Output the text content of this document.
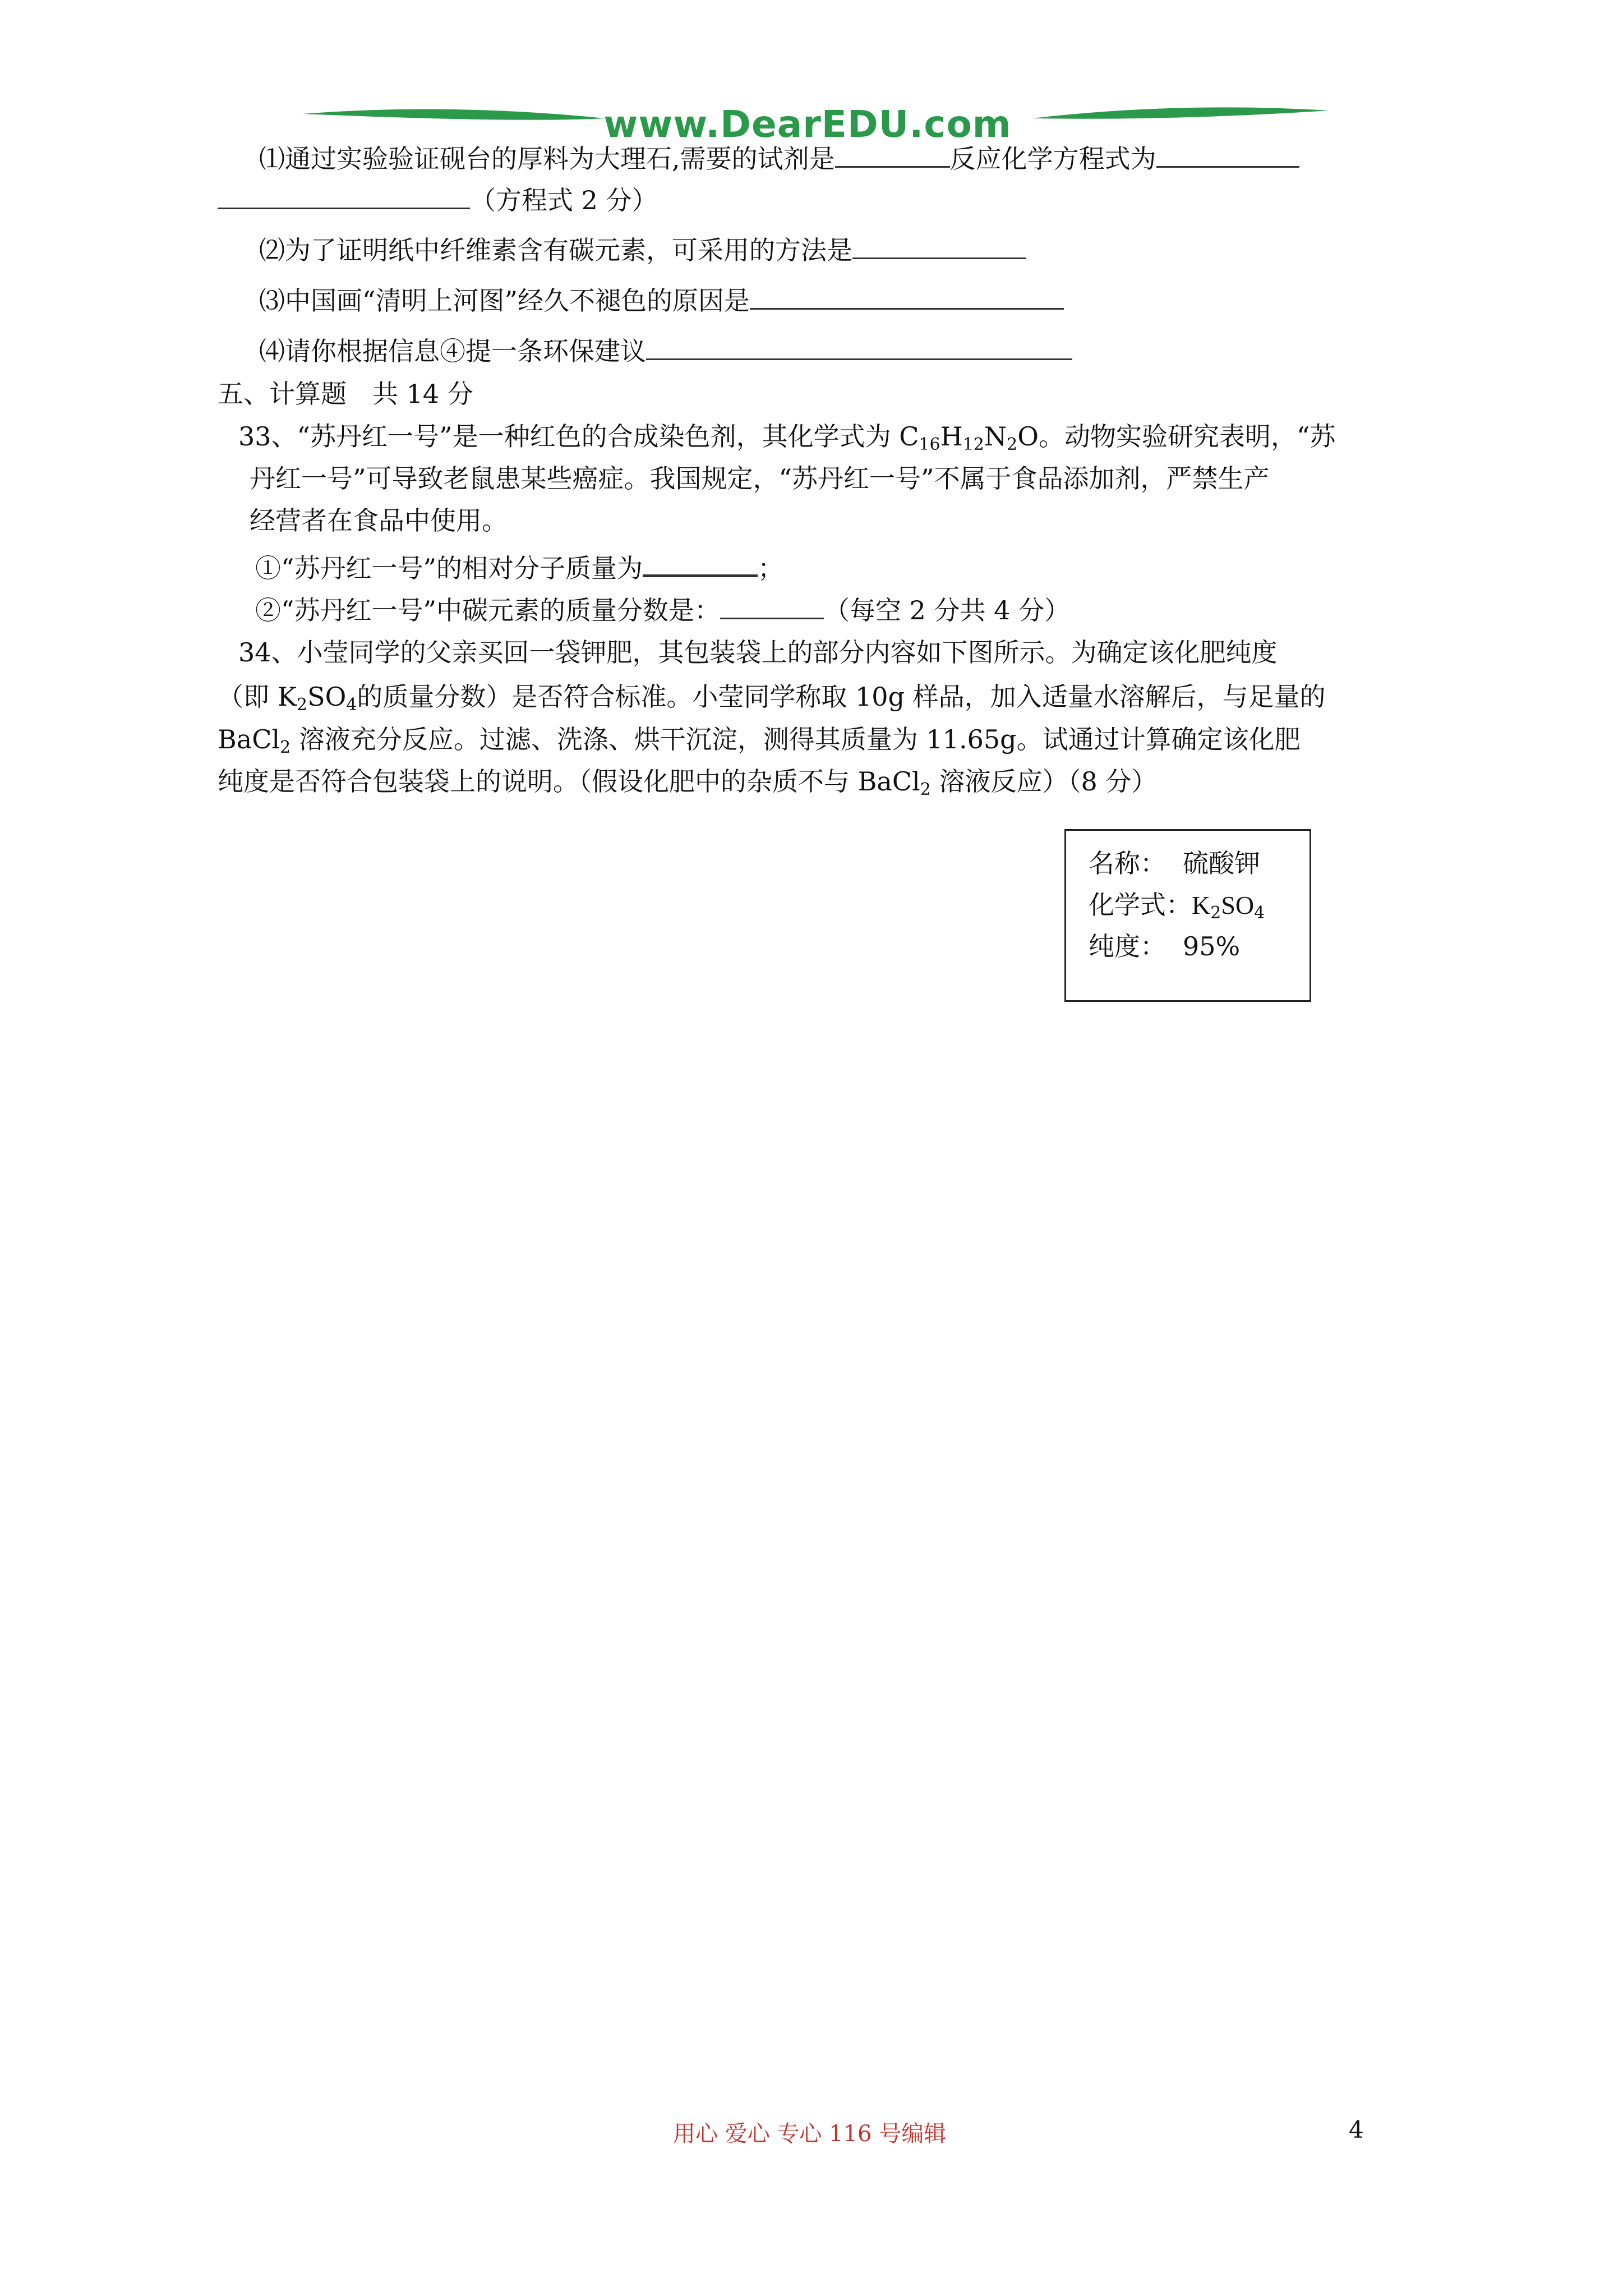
www.DearEDU.com
⑴通过实验验证砚台的厚料为大理石,需要的试剂是	反应化学方程式为
（方程式 2 分）
⑵为了证明纸中纤维素含有碳元素，可采用的方法是
⑶中国画“清明上河图”经久不褪色的原因是
⑷请你根据信息④提一条环保建议
五、计算题　共 14 分
33、“苏丹红一号”是一种红色的合成染色剂，其化学式为 $C_{16}H_{12}N_2O$。动物实验研究表明，“苏
丹红一号”可导致老鼠患某些癌症。我国规定，“苏丹红一号”不属于食品添加剂，严禁生产
经营者在食品中使用。
①“苏丹红一号”的相对分子质量为	；
②“苏丹红一号”中碳元素的质量分数是：	（每空 2 分共 4 分）
34、小莹同学的父亲买回一袋钾肥，其包装袋上的部分内容如下图所示。为确定该化肥纯度
（即 $K_2SO_4$的质量分数）是否符合标准。小莹同学称取 10g 样品，加入适量水溶解后，与足量的
BaCl$_2$ 溶液充分反应。过滤、洗涤、烘干沉淀，测得其质量为 11.65g。试通过计算确定该化肥
纯度是否符合包装袋上的说明。（假设化肥中的杂质不与 BaCl$_2$ 溶液反应）（8 分）
名称： 硫酸钾
化学式：$K_2SO_4$
纯度： 95%
用心 爱心 专心 116 号编辑	4
